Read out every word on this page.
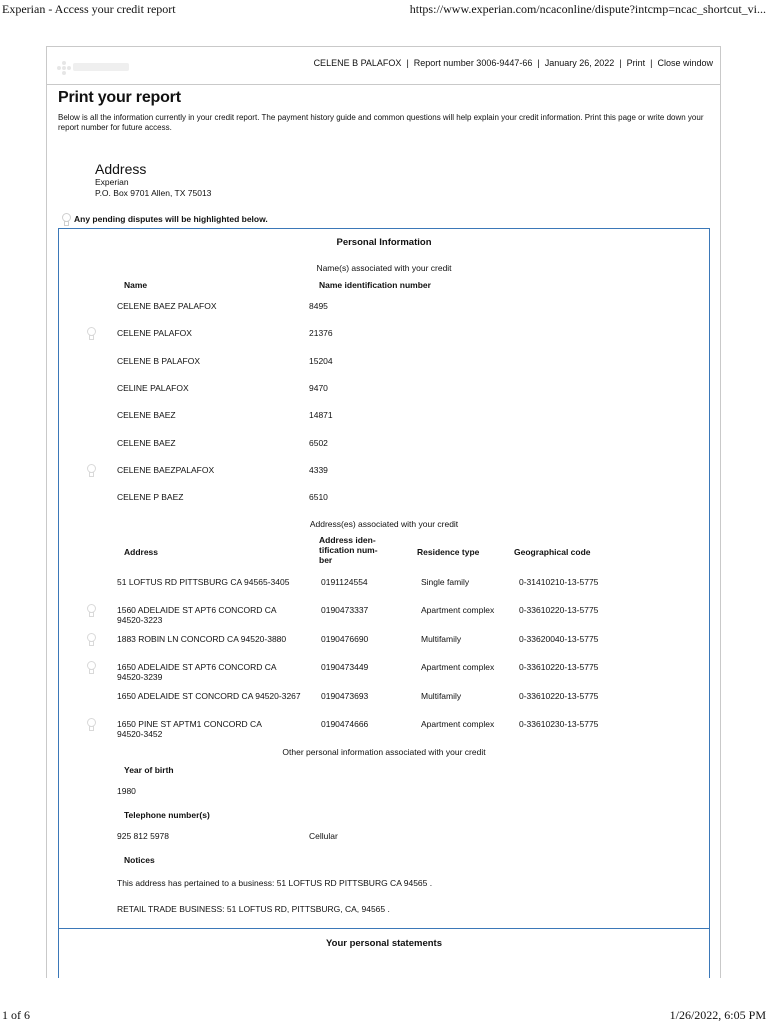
Experian - Access your credit report	https://www.experian.com/ncaconline/dispute?intcmp=ncac_shortcut_vi...
CELENE B PALAFOX | Report number 3006-9447-66 | January 26, 2022 | Print | Close window
Print your report
Below is all the information currently in your credit report. The payment history guide and common questions will help explain your credit information. Print this page or write down your report number for future access.
Address
Experian
P.O. Box 9701 Allen, TX 75013
Any pending disputes will be highlighted below.
Personal Information
Name(s) associated with your credit
Name	Name identification number
CELENE BAEZ PALAFOX	8495
CELENE PALAFOX	21376
CELENE B PALAFOX	15204
CELINE PALAFOX	9470
CELENE BAEZ	14871
CELENE BAEZ	6502
CELENE BAEZPALAFOX	4339
CELENE P BAEZ	6510
Address(es) associated with your credit
Address
Address iden-
tification num-
ber
Residence type	Geographical code
51 LOFTUS RD PITTSBURG CA 94565-3405	0191124554	Single family	0-31410210-13-5775
1560 ADELAIDE ST APT6 CONCORD CA
94520-3223
0190473337	Apartment complex	0-33610220-13-5775
1883 ROBIN LN CONCORD CA 94520-3880	0190476690	Multifamily	0-33620040-13-5775
1650 ADELAIDE ST APT6 CONCORD CA
94520-3239
0190473449	Apartment complex	0-33610220-13-5775
1650 ADELAIDE ST CONCORD CA 94520-3267	0190473693	Multifamily	0-33610220-13-5775
1650 PINE ST APTM1 CONCORD CA
94520-3452
0190474666	Apartment complex	0-33610230-13-5775
Other personal information associated with your credit
Year of birth
1980
Telephone number(s)
925 812 5978	Cellular
Notices
This address has pertained to a business: 51 LOFTUS RD PITTSBURG CA 94565 .
RETAIL TRADE BUSINESS: 51 LOFTUS RD, PITTSBURG, CA, 94565 .
Your personal statements
1 of 6	1/26/2022, 6:05 PM
